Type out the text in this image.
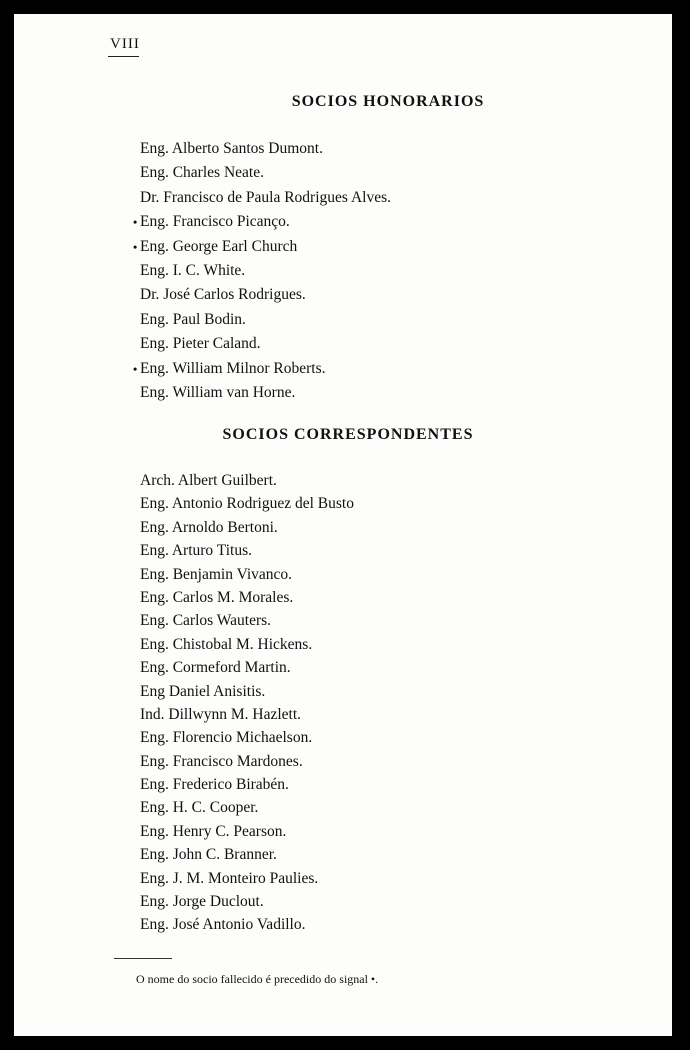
VIII
SOCIOS HONORARIOS
Eng. Alberto Santos Dumont.
Eng. Charles Neate.
Dr. Francisco de Paula Rodrigues Alves.
• Eng. Francisco Picanço.
• Eng. George Earl Church
Eng. I. C. White.
Dr. José Carlos Rodrigues.
Eng. Paul Bodin.
Eng. Pieter Caland.
• Eng. William Milnor Roberts.
Eng. William van Horne.
SOCIOS CORRESPONDENTES
Arch. Albert Guilbert.
Eng. Antonio Rodriguez del Busto
Eng. Arnoldo Bertoni.
Eng. Arturo Titus.
Eng. Benjamin Vivanco.
Eng. Carlos M. Morales.
Eng. Carlos Wauters.
Eng. Chistobal M. Hickens.
Eng. Cormeford Martin.
Eng Daniel Anisitis.
Ind. Dillwynn M. Hazlett.
Eng. Florencio Michaelson.
Eng. Francisco Mardones.
Eng. Frederico Birabén.
Eng. H. C. Cooper.
Eng. Henry C. Pearson.
Eng. John C. Branner.
Eng. J. M. Monteiro Paulies.
Eng. Jorge Duclout.
Eng. José Antonio Vadillo.
O nome do socio fallecido é precedido do signal •.
